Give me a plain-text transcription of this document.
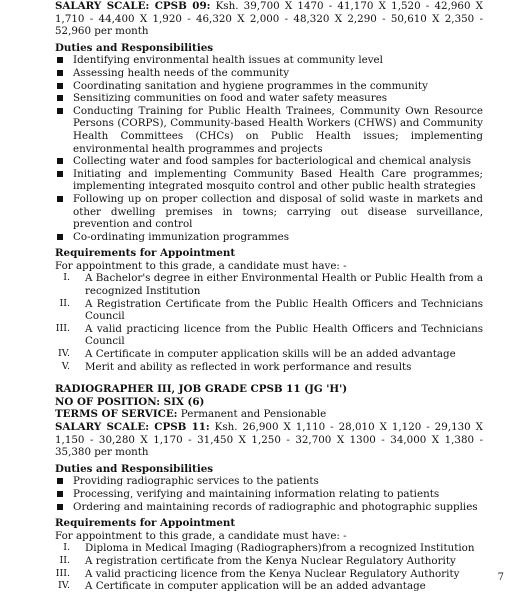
SALARY SCALE: CPSB 09: Ksh. 39,700 X 1470 - 41,170 X 1,520 - 42,960 X 1,710 - 44,400 X 1,920 - 46,320 X 2,000 - 48,320 X 2,290 - 50,610 X 2,350 - 52,960 per month

Duties and Responsibilities

Identifying environmental health issues at community level
Assessing health needs of the community
Coordinating sanitation and hygiene programmes in the community
Sensitizing communities on food and water safety measures
Conducting Training for Public Health Trainees, Community Own Resource Persons (CORPS), Community-based Health Workers (CHWS) and Community Health Committees (CHCs) on Public Health issues; implementing environmental health programmes and projects
Collecting water and food samples for bacteriological and chemical analysis
Initiating and implementing Community Based Health Care programmes; implementing integrated mosquito control and other public health strategies
Following up on proper collection and disposal of solid waste in markets and other dwelling premises in towns; carrying out disease surveillance, prevention and control
Co-ordinating immunization programmes

Requirements for Appointment

For appointment to this grade, a candidate must have: -

I. A Bachelor's degree in either Environmental Health or Public Health from a recognized Institution
II. A Registration Certificate from the Public Health Officers and Technicians Council
III. A valid practicing licence from the Public Health Officers and Technicians Council
IV. A Certificate in computer application skills will be an added advantage
V. Merit and ability as reflected in work performance and results

RADIOGRAPHER III, JOB GRADE CPSB 11 (JG 'H')

NO OF POSITION: SIX (6)

TERMS OF SERVICE: Permanent and Pensionable

SALARY SCALE: CPSB 11: Ksh. 26,900 X 1,110 - 28,010 X 1,120 - 29,130 X 1,150 - 30,280 X 1,170 - 31,450 X 1,250 - 32,700 X 1300 - 34,000 X 1,380 - 35,380 per month

Duties and Responsibilities

Providing radiographic services to the patients
Processing, verifying and maintaining information relating to patients
Ordering and maintaining records of radiographic and photographic supplies

Requirements for Appointment

For appointment to this grade, a candidate must have: -

I. Diploma in Medical Imaging (Radiographers)from a recognized Institution
II. A registration certificate from the Kenya Nuclear Regulatory Authority
III. A valid practicing licence from the Kenya Nuclear Regulatory Authority
IV. A Certificate in computer application will be an added advantage
7
